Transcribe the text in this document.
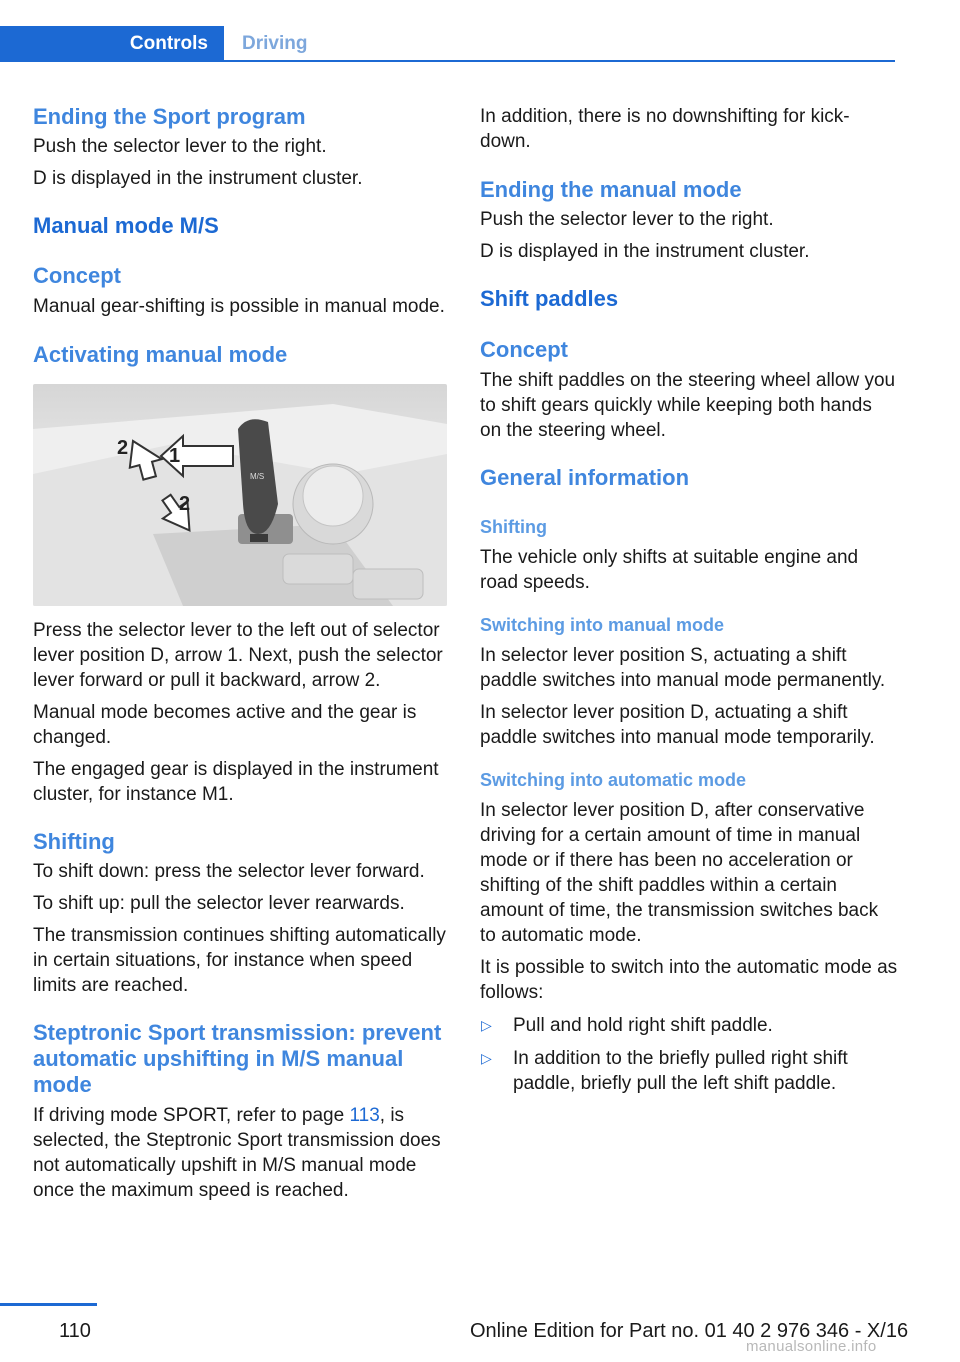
Controls	Driving
Ending the Sport program

Push the selector lever to the right.

D is displayed in the instrument cluster.

Manual mode M/S
Concept

Manual gear-shifting is possible in manual mode.

Activating manual mode
M/S
1
2
2

Press the selector lever to the left out of selector lever position D, arrow 1. Next, push the selector lever forward or pull it backward, arrow 2.

Manual mode becomes active and the gear is changed.

The engaged gear is displayed in the instrument cluster, for instance M1.

Shifting

To shift down: press the selector lever forward.

To shift up: pull the selector lever rearwards.

The transmission continues shifting automatically in certain situations, for instance when speed limits are reached.

Steptronic Sport transmission: prevent automatic upshifting in M/S manual mode

If driving mode SPORT, refer to page 113, is selected, the Steptronic Sport transmission does not automatically upshift in M/S manual mode once the maximum speed is reached.

In addition, there is no downshifting for kick-down.

Ending the manual mode

Push the selector lever to the right.

D is displayed in the instrument cluster.

Shift paddles
Concept

The shift paddles on the steering wheel allow you to shift gears quickly while keeping both hands on the steering wheel.

General information
Shifting

The vehicle only shifts at suitable engine and road speeds.

Switching into manual mode

In selector lever position S, actuating a shift paddle switches into manual mode permanently.

In selector lever position D, actuating a shift paddle switches into manual mode temporarily.

Switching into automatic mode

In selector lever position D, after conservative driving for a certain amount of time in manual mode or if there has been no acceleration or shifting of the shift paddles within a certain amount of time, the transmission switches back to automatic mode.

It is possible to switch into the automatic mode as follows:

▷ Pull and hold right shift paddle.
▷ In addition to the briefly pulled right shift paddle, briefly pull the left shift paddle.
110	Online Edition for Part no. 01 40 2 976 346 - X/16
manualsonline.info
